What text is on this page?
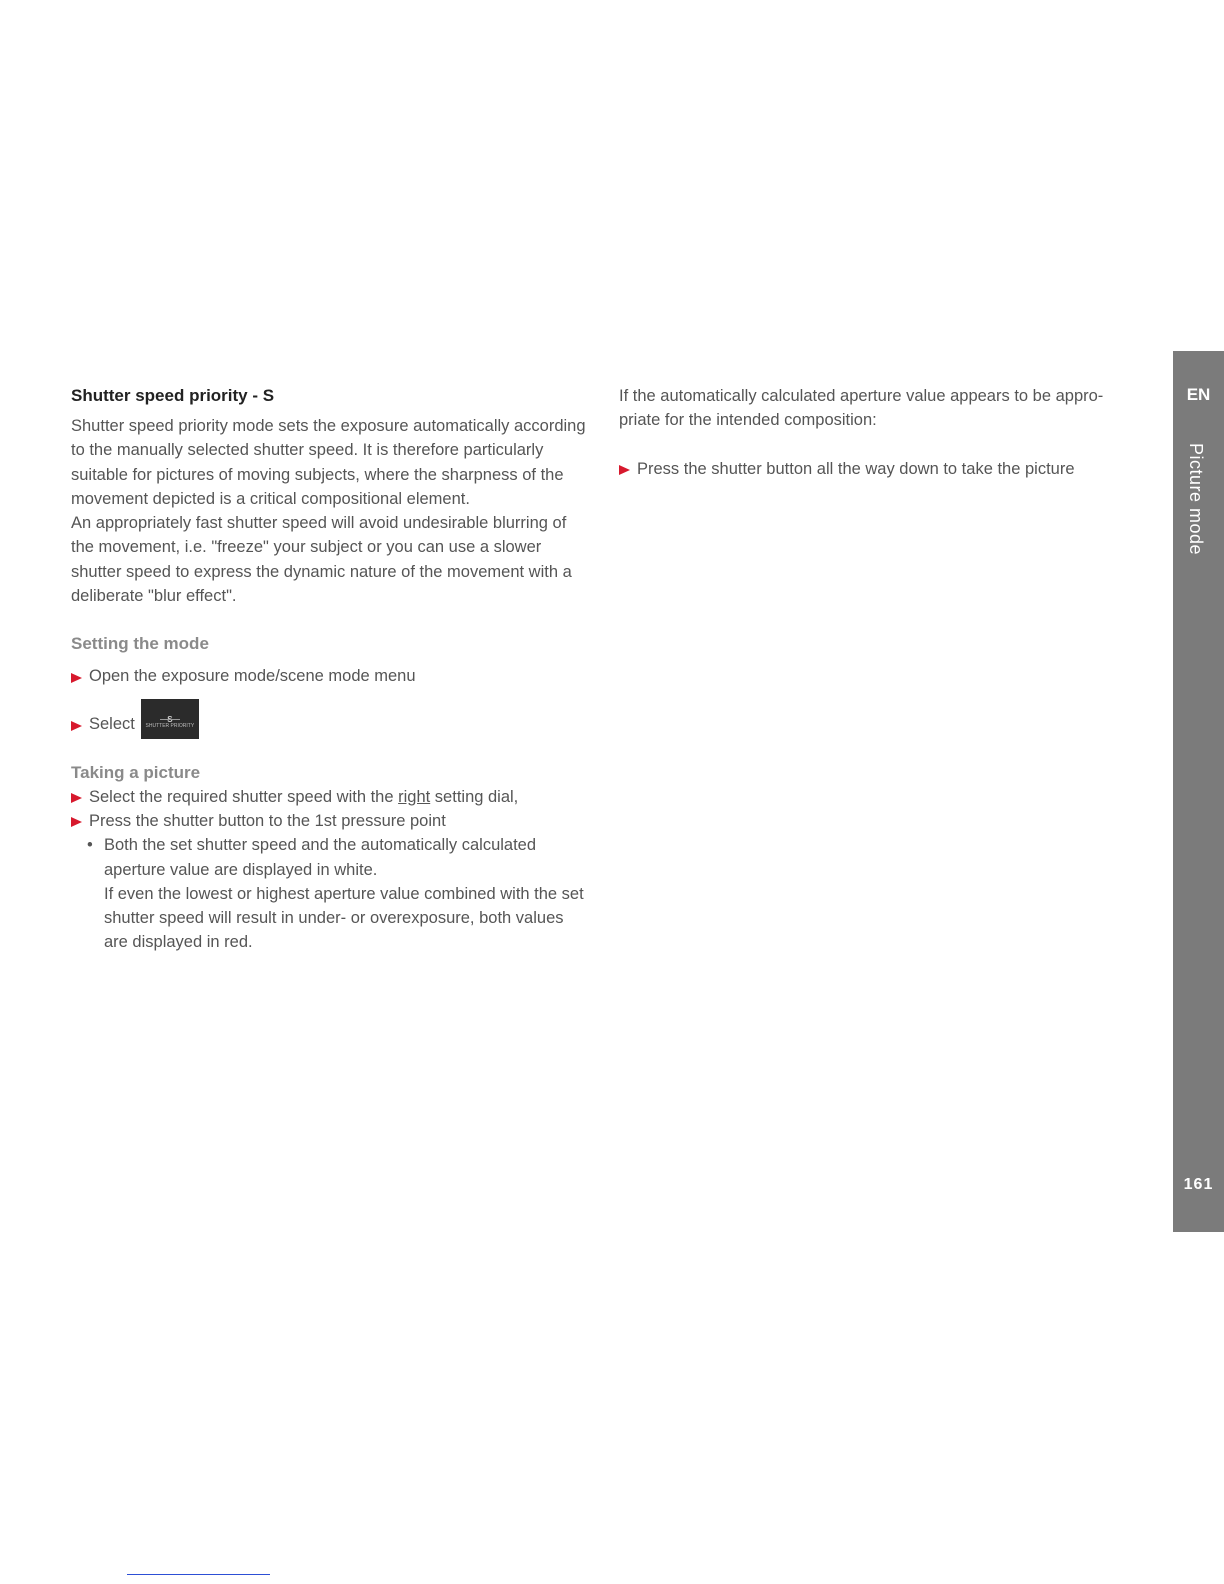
Shutter speed priority - S

Shutter speed priority mode sets the exposure automatically according to the manually selected shutter speed. It is therefore particularly suitable for pictures of moving subjects, where the sharpness of the movement depicted is a critical compositional element.

An appropriately fast shutter speed will avoid undesirable blurring of the movement, i.e. "freeze" your subject or you can use a slower shutter speed to express the dynamic nature of the movement with a deliberate "blur effect".

Setting the mode

Open the exposure mode/scene mode menu
Select	SHUTTER PRIORITY

Taking a picture

Select the required shutter speed with the right setting dial,
Press the shutter button to the 1st pressure point
• Both the set shutter speed and the automatically calculated aperture value are displayed in white.
If even the lowest or highest aperture value combined with the set shutter speed will result in under- or overexposure, both values are displayed in red.

If the automatically calculated aperture value appears to be appro-priate for the intended composition:

Press the shutter button all the way down to take the picture
EN
Picture mode
161
